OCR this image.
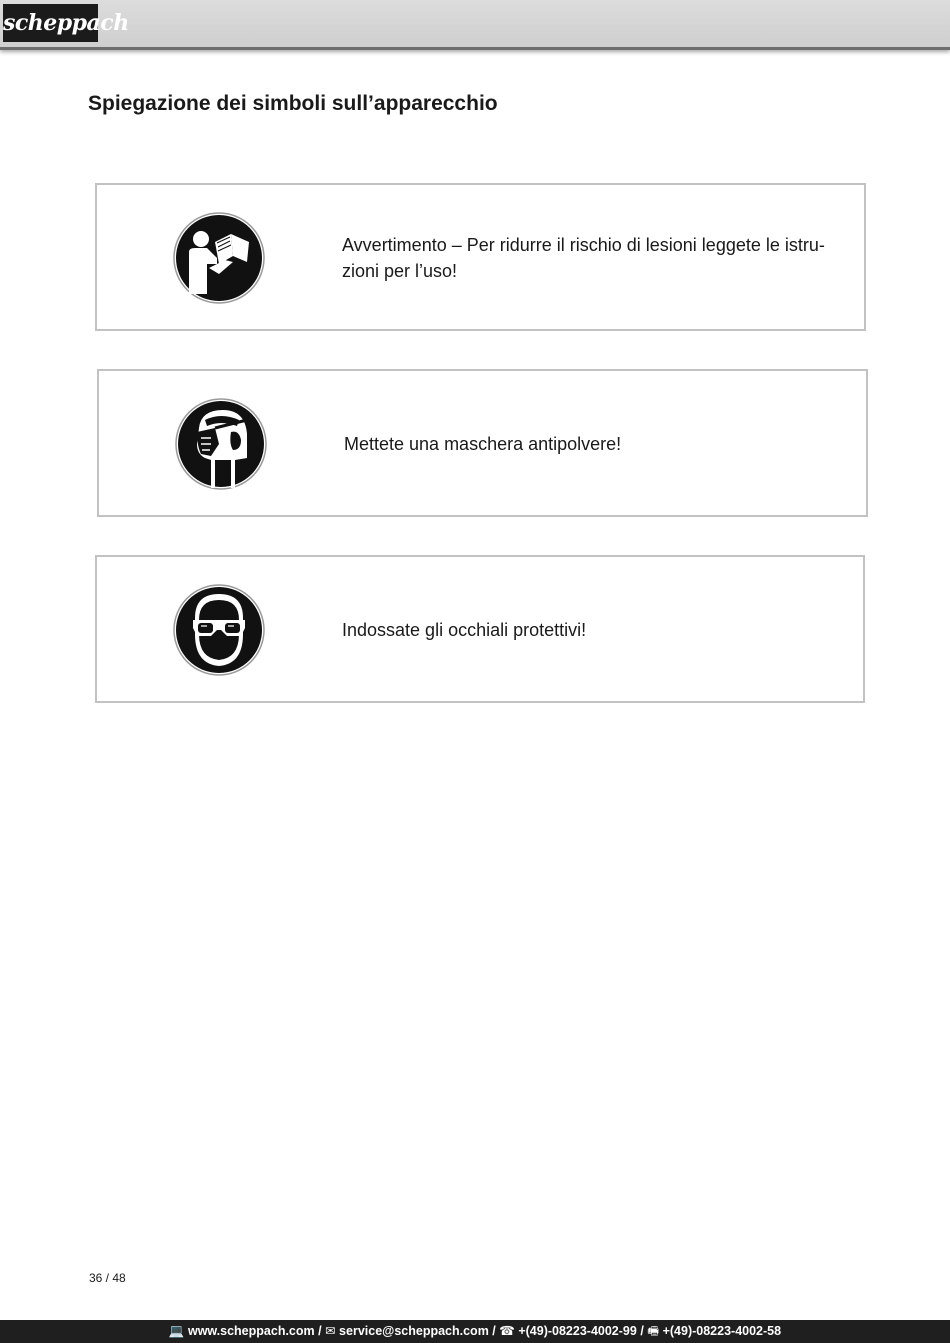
scheppach
Spiegazione dei simboli sull’apparecchio
Avvertimento – Per ridurre il rischio di lesioni leggete le istru-
zioni per l’uso!
Mettete una maschera antipolvere!
Indossate gli occhiali protettivi!
36 / 48
💻 www.scheppach.com / ✉ service@scheppach.com / ☎ +(49)-08223-4002-99 / 🖷 +(49)-08223-4002-58
